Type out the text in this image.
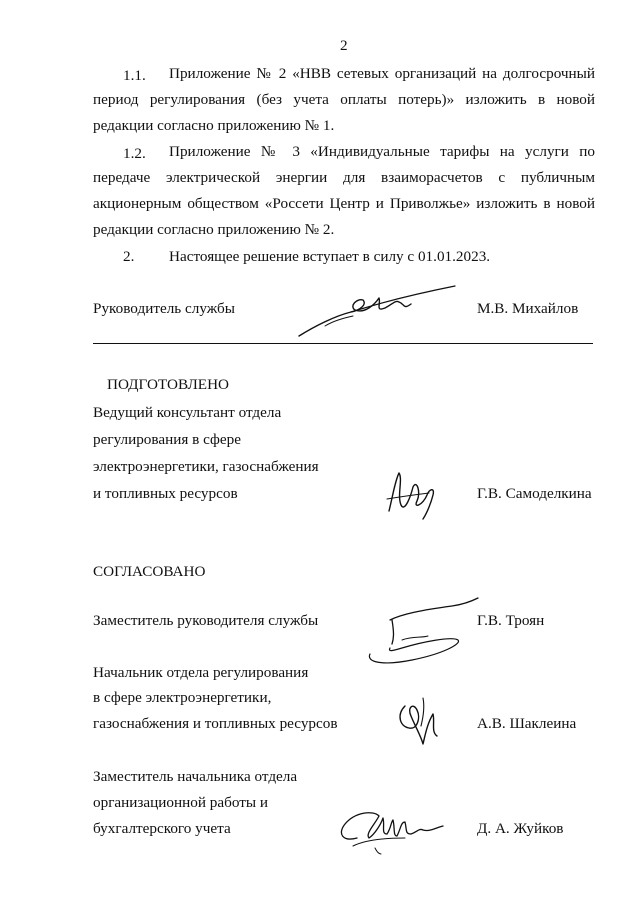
2
1.1. Приложение № 2 «НВВ сетевых организаций на долгосрочный
период регулирования (без учета оплаты потерь)» изложить в новой
редакции согласно приложению № 1.
1.2. Приложение № 3 «Индивидуальные тарифы на услуги по
передаче электрической энергии для взаиморасчетов с публичным
акционерным обществом «Россети Центр и Приволжье» изложить в новой
редакции согласно приложению № 2.
2. Настоящее решение вступает в силу с 01.01.2023.
Руководитель службы	М.В. Михайлов
ПОДГОТОВЛЕНО
Ведущий консультант отдела
регулирования в сфере
электроэнергетики, газоснабжения
и топливных ресурсов	Г.В. Самоделкина
СОГЛАСОВАНО
Заместитель руководителя службы	Г.В. Троян
Начальник отдела регулирования
в сфере электроэнергетики,
газоснабжения и топливных ресурсов	А.В. Шаклеина
Заместитель начальника отдела
организационной работы и
бухгалтерского учета	Д. А. Жуйков
